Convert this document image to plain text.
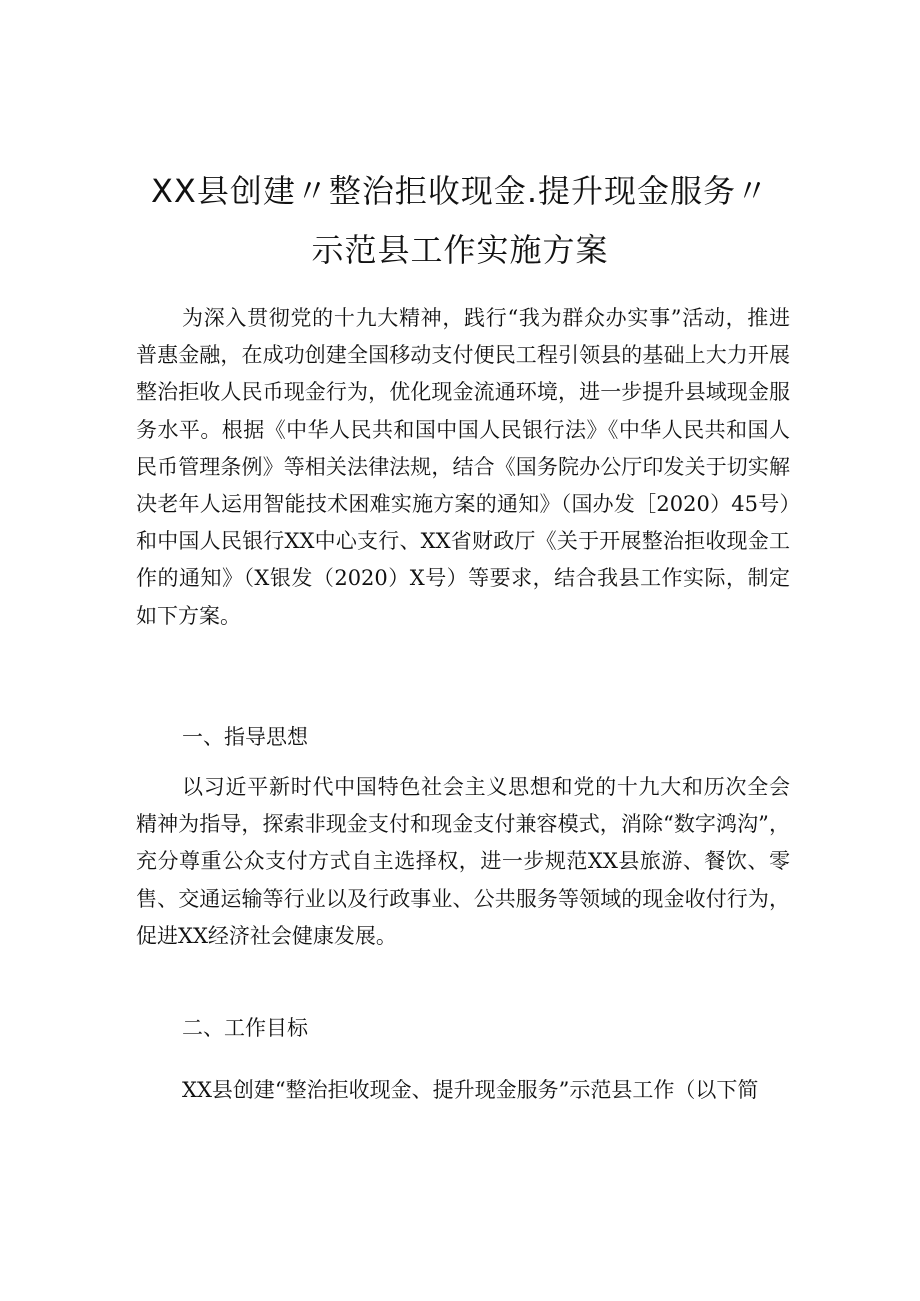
XX县创建〃整治拒收现金.提升现金服务〃
示范县工作实施方案

为深入贯彻党的十九大精神，践行“我为群众办实事”活动，推进普惠金融，在成功创建全国移动支付便民工程引领县的基础上大力开展整治拒收人民币现金行为，优化现金流通环境，进一步提升县域现金服务水平。根据《中华人民共和国中国人民银行法》《中华人民共和国人民币管理条例》等相关法律法规，结合《国务院办公厅印发关于切实解决老年人运用智能技术困难实施方案的通知》（国办发［2020）45号）和中国人民银行XX中心支行、XX省财政厅《关于开展整治拒收现金工作的通知》（X银发（2020）X号）等要求，结合我县工作实际，制定如下方案。

一、指导思想

以习近平新时代中国特色社会主义思想和党的十九大和历次全会精神为指导，探索非现金支付和现金支付兼容模式，消除“数字鸿沟”，充分尊重公众支付方式自主选择权，进一步规范XX县旅游、餐饮、零售、交通运输等行业以及行政事业、公共服务等领域的现金收付行为，促进XX经济社会健康发展。

二、工作目标

XX县创建“整治拒收现金、提升现金服务”示范县工作（以下简
